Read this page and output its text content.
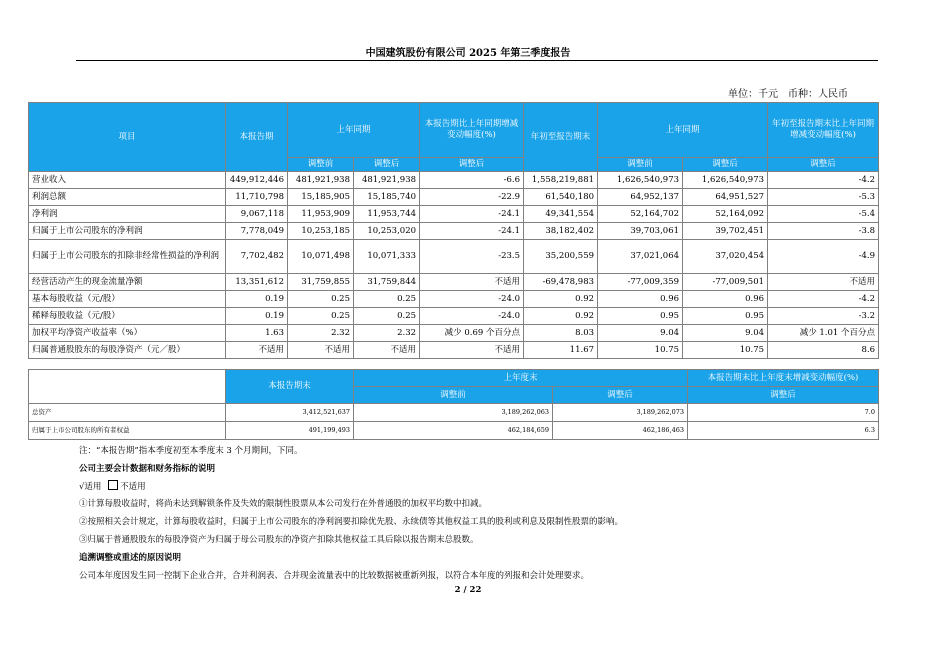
中国建筑股份有限公司 2025 年第三季度报告
单位：千元　币种：人民币
项目	本报告期	上年同期		本报告期比上年同期增减变动幅度(%)	年初至报告期末	上年同期		年初至报告期末比上年同期增减变动幅度(%)
		调整前	调整后	调整后		调整前	调整后	调整后
营业收入	449,912,446	481,921,938	481,921,938	-6.6	1,558,219,881	1,626,540,973	1,626,540,973	-4.2
利润总额	11,710,798	15,185,905	15,185,740	-22.9	61,540,180	64,952,137	64,951,527	-5.3
净利润	9,067,118	11,953,909	11,953,744	-24.1	49,341,554	52,164,702	52,164,092	-5.4
归属于上市公司股东的净利润	7,778,049	10,253,185	10,253,020	-24.1	38,182,402	39,703,061	39,702,451	-3.8
归属于上市公司股东的扣除非经常性损益的净利润	7,702,482	10,071,498	10,071,333	-23.5	35,200,559	37,021,064	37,020,454	-4.9
经营活动产生的现金流量净额	13,351,612	31,759,855	31,759,844	不适用	-69,478,983	-77,009,359	-77,009,501	不适用
基本每股收益（元/股）	0.19	0.25	0.25	-24.0	0.92	0.96	0.96	-4.2
稀释每股收益（元/股）	0.19	0.25	0.25	-24.0	0.92	0.95	0.95	-3.2
加权平均净资产收益率（%）	1.63	2.32	2.32	减少 0.69 个百分点	8.03	9.04	9.04	减少 1.01 个百分点
归属普通股股东的每股净资产（元／股）	不适用	不适用	不适用	不适用	11.67	10.75	10.75	8.6
	本报告期末	上年度末		本报告期末比上年度末增减变动幅度(%)
		调整前	调整后	调整后
总资产	3,412,521,637	3,189,262,063	3,189,262,073	7.0
归属于上市公司股东的所有者权益	491,199,493	462,184,659	462,186,463	6.3
注：“本报告期”指本季度初至本季度末 3 个月期间，下同。
公司主要会计数据和财务指标的说明
√适用 不适用
①计算每股收益时，将尚未达到解锁条件及失效的限制性股票从本公司发行在外普通股的加权平均数中扣减。
②按照相关会计规定，计算每股收益时，归属于上市公司股东的净利润要扣除优先股、永续债等其他权益工具的股利或利息及限制性股票的影响。
③归属于普通股股东的每股净资产为归属于母公司股东的净资产扣除其他权益工具后除以报告期末总股数。
追溯调整或重述的原因说明
公司本年度因发生同一控制下企业合并，合并利润表、合并现金流量表中的比较数据被重新列报，以符合本年度的列报和会计处理要求。
2 / 22
